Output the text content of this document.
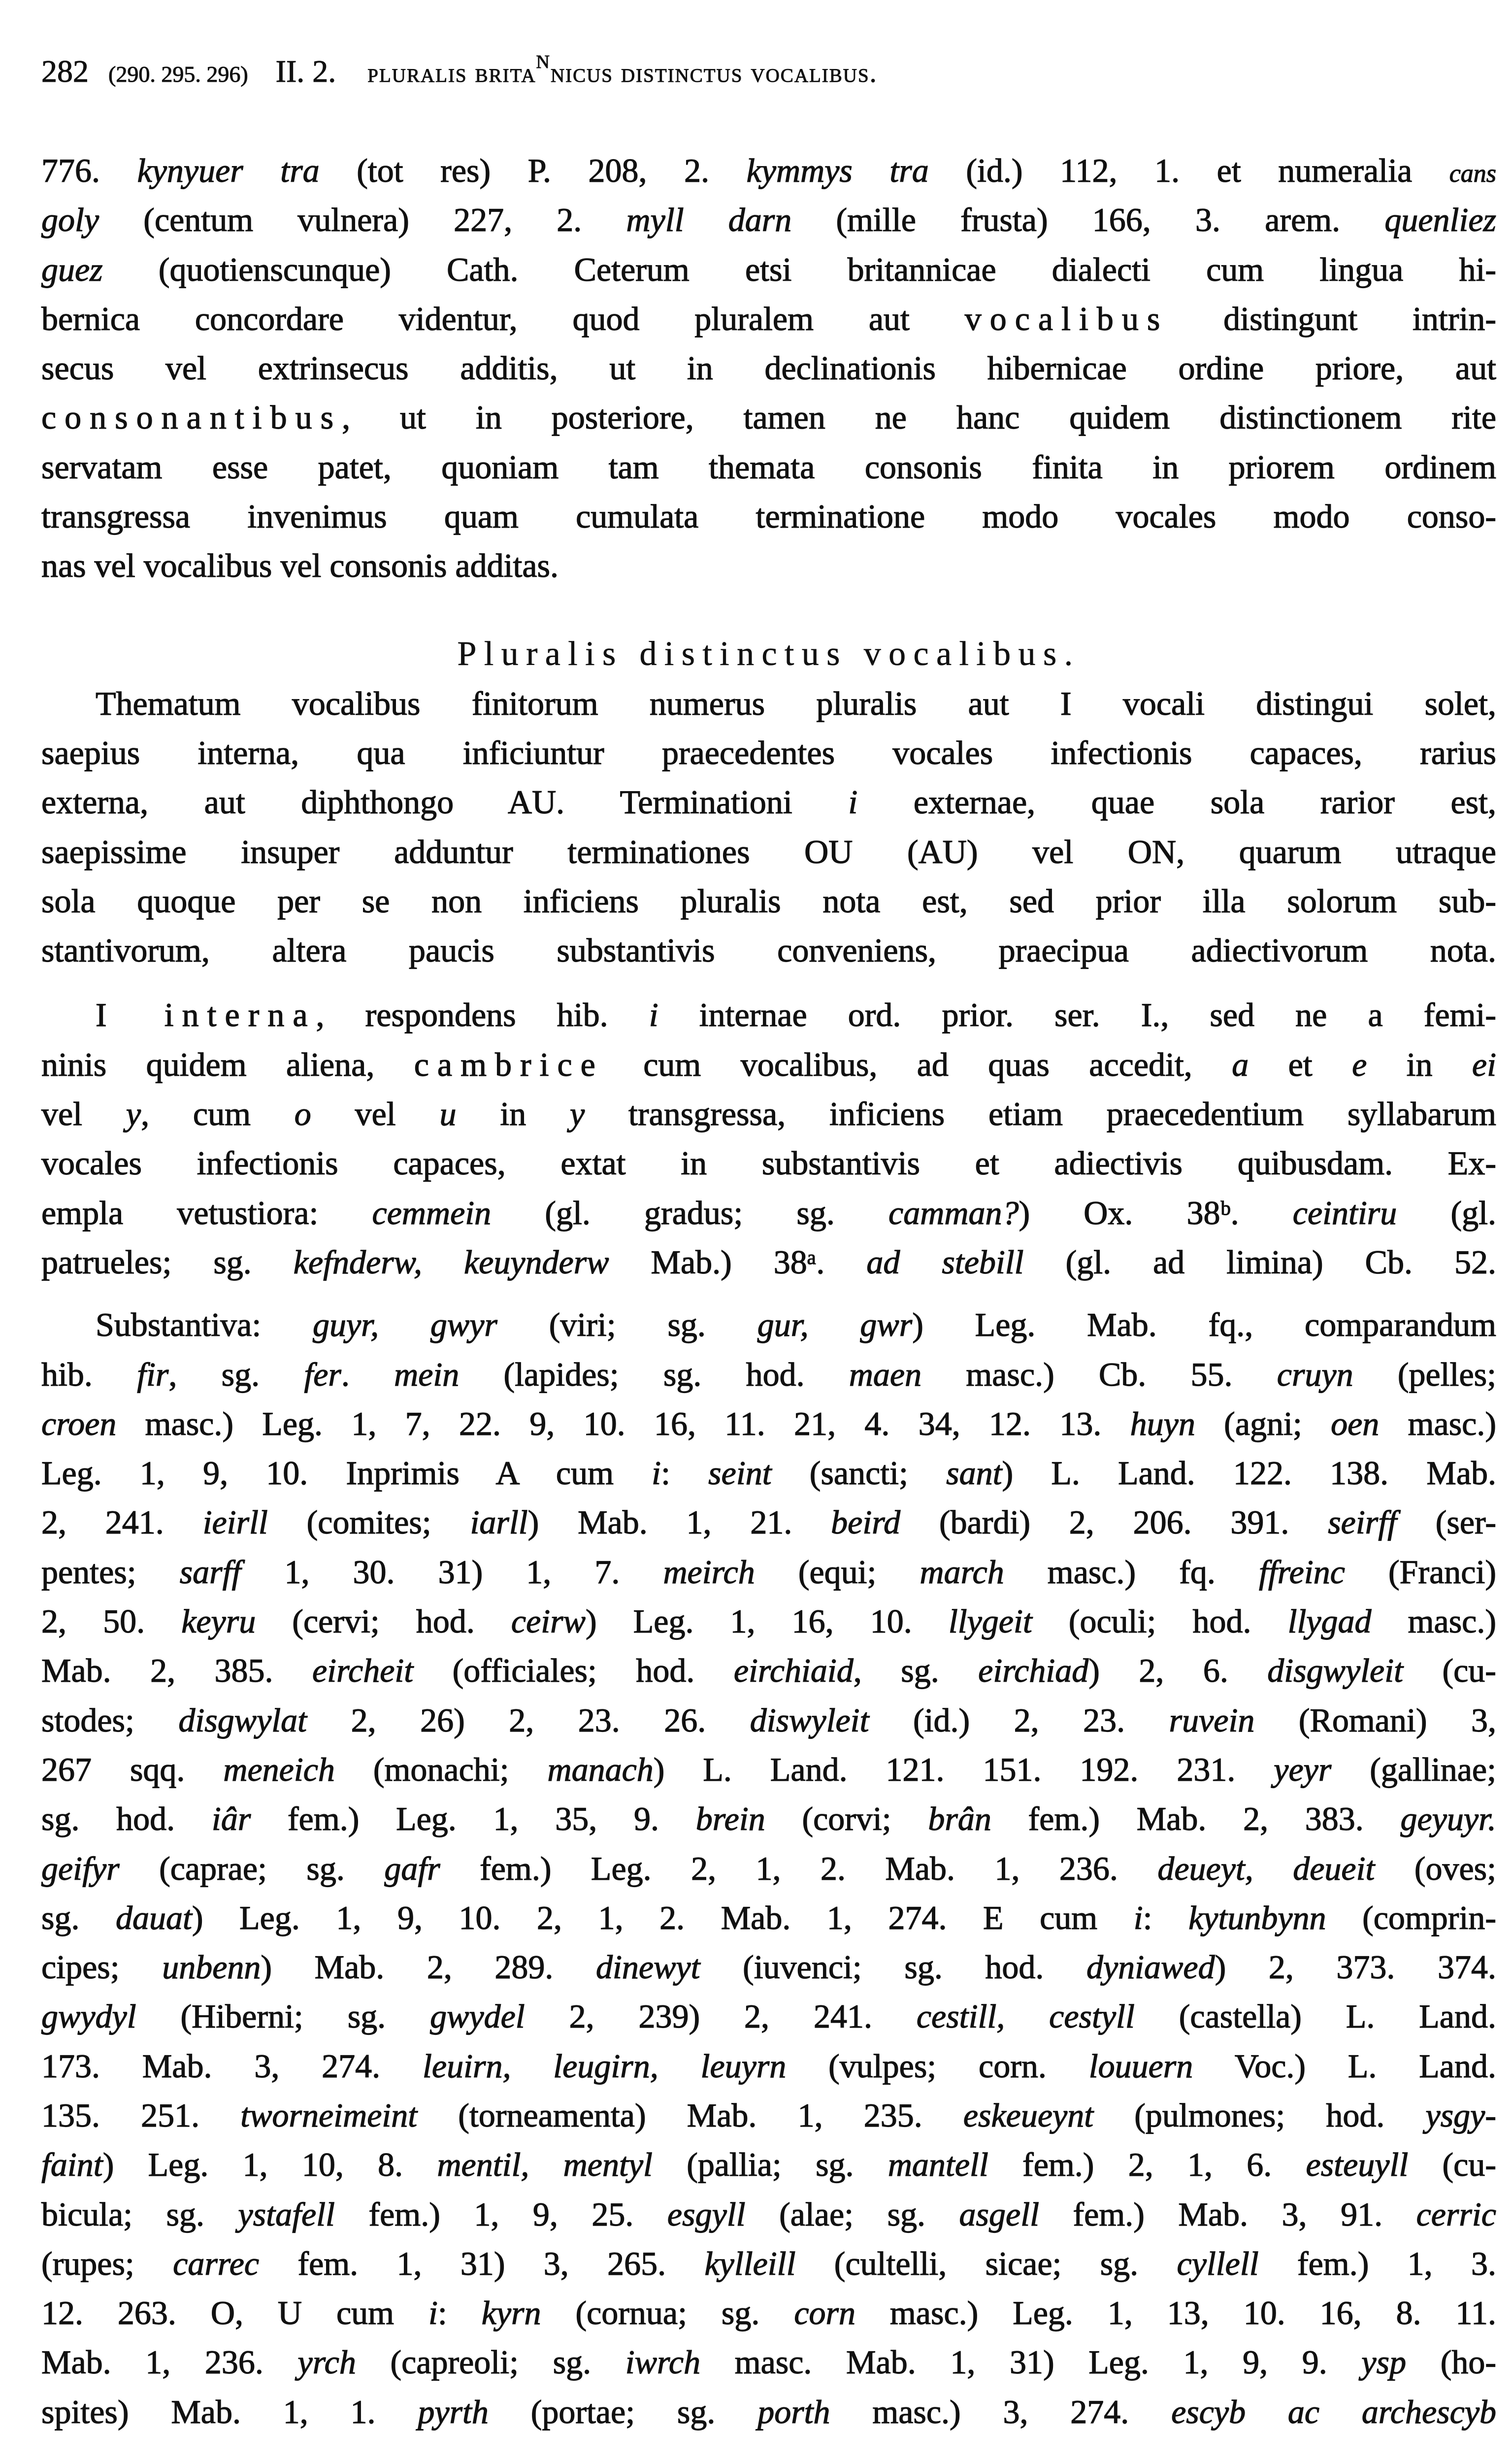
282 (290. 295. 296) II. 2. pluralis brita$^N$nicus distinctus vocalibus.
776. kynyuer tra (tot res) P. 208, 2. kymmys tra (id.) 112, 1. et numeralia cans
goly (centum vulnera) 227, 2. myll darn (mille frusta) 166, 3. arem. quenliez
guez (quotienscunque) Cath. Ceterum etsi britannicae dialecti cum lingua hi-
bernica concordare videntur, quod pluralem aut vocalibus distingunt intrin-
secus vel extrinsecus additis, ut in declinationis hibernicae ordine priore, aut
consonantibus, ut in posteriore, tamen ne hanc quidem distinctionem rite
servatam esse patet, quoniam tam themata consonis finita in priorem ordinem
transgressa invenimus quam cumulata terminatione modo vocales modo conso-
nas vel vocalibus vel consonis additas.
Pluralis distinctus vocalibus.
Thematum vocalibus finitorum numerus pluralis aut I vocali distingui solet,
saepius interna, qua inficiuntur praecedentes vocales infectionis capaces, rarius
externa, aut diphthongo AU. Terminationi i externae, quae sola rarior est,
saepissime insuper adduntur terminationes OU (AU) vel ON, quarum utraque
sola quoque per se non inficiens pluralis nota est, sed prior illa solorum sub-
stantivorum, altera paucis substantivis conveniens, praecipua adiectivorum nota.
I interna, respondens hib. i internae ord. prior. ser. I., sed ne a femi-
ninis quidem aliena, cambrice cum vocalibus, ad quas accedit, a et e in ei
vel y, cum o vel u in y transgressa, inficiens etiam praecedentium syllabarum
vocales infectionis capaces, extat in substantivis et adiectivis quibusdam. Ex-
empla vetustiora: cemmein (gl. gradus; sg. camman?) Ox. 38ᵇ. ceintiru (gl.
patrueles; sg. kefnderw, keuynderw Mab.) 38ᵃ. ad stebill (gl. ad limina) Cb. 52.
Substantiva: guyr, gwyr (viri; sg. gur, gwr) Leg. Mab. fq., comparandum
hib. fir, sg. fer. mein (lapides; sg. hod. maen masc.) Cb. 55. cruyn (pelles;
croen masc.) Leg. 1, 7, 22. 9, 10. 16, 11. 21, 4. 34, 12. 13. huyn (agni; oen masc.)
Leg. 1, 9, 10. Inprimis A cum i: seint (sancti; sant) L. Land. 122. 138. Mab.
2, 241. ieirll (comites; iarll) Mab. 1, 21. beird (bardi) 2, 206. 391. seirff (ser-
pentes; sarff 1, 30. 31) 1, 7. meirch (equi; march masc.) fq. ffreinc (Franci)
2, 50. keyru (cervi; hod. ceirw) Leg. 1, 16, 10. llygeit (oculi; hod. llygad masc.)
Mab. 2, 385. eircheit (officiales; hod. eirchiaid, sg. eirchiad) 2, 6. disgwyleit (cu-
stodes; disgwylat 2, 26) 2, 23. 26. diswyleit (id.) 2, 23. ruvein (Romani) 3,
267 sqq. meneich (monachi; manach) L. Land. 121. 151. 192. 231. yeyr (gallinae;
sg. hod. iâr fem.) Leg. 1, 35, 9. brein (corvi; brân fem.) Mab. 2, 383. geyuyr.
geifyr (caprae; sg. gafr fem.) Leg. 2, 1, 2. Mab. 1, 236. deueyt, deueit (oves;
sg. dauat) Leg. 1, 9, 10. 2, 1, 2. Mab. 1, 274. E cum i: kytunbynn (comprin-
cipes; unbenn) Mab. 2, 289. dinewyt (iuvenci; sg. hod. dyniawed) 2, 373. 374.
gwydyl (Hiberni; sg. gwydel 2, 239) 2, 241. cestill, cestyll (castella) L. Land.
173. Mab. 3, 274. leuirn, leugirn, leuyrn (vulpes; corn. louuern Voc.) L. Land.
135. 251. tworneimeint (torneamenta) Mab. 1, 235. eskeueynt (pulmones; hod. ysgy-
faint) Leg. 1, 10, 8. mentil, mentyl (pallia; sg. mantell fem.) 2, 1, 6. esteuyll (cu-
bicula; sg. ystafell fem.) 1, 9, 25. esgyll (alae; sg. asgell fem.) Mab. 3, 91. cerric
(rupes; carrec fem. 1, 31) 3, 265. kylleill (cultelli, sicae; sg. cyllell fem.) 1, 3.
12. 263. O, U cum i: kyrn (cornua; sg. corn masc.) Leg. 1, 13, 10. 16, 8. 11.
Mab. 1, 236. yrch (capreoli; sg. iwrch masc. Mab. 1, 31) Leg. 1, 9, 9. ysp (ho-
spites) Mab. 1, 1. pyrth (portae; sg. porth masc.) 3, 274. escyb ac archescyb
